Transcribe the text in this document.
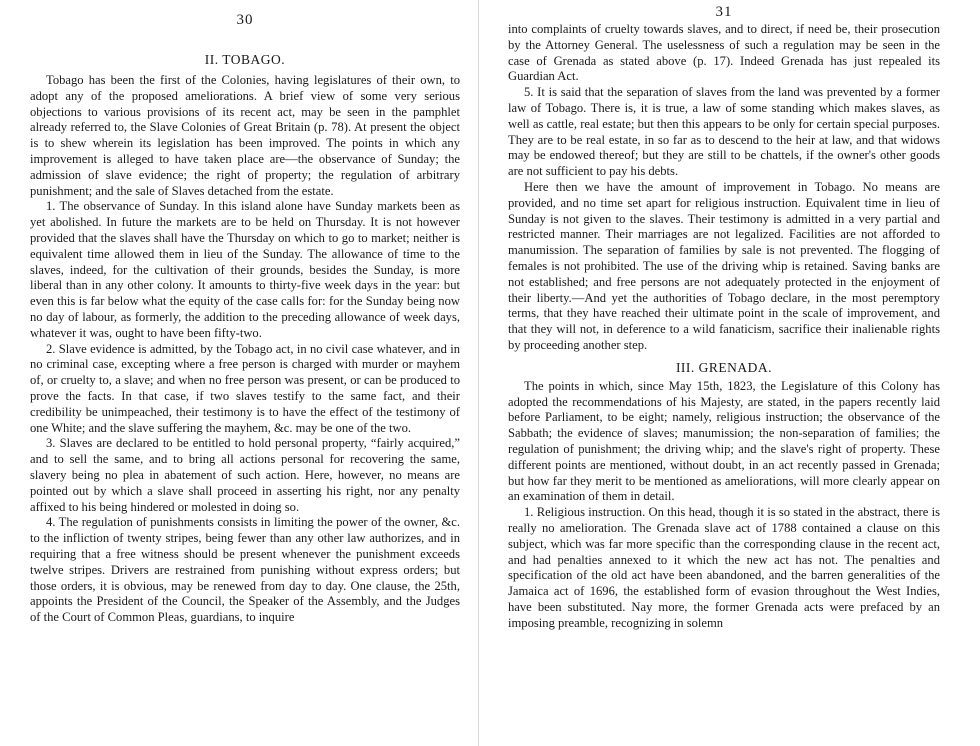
30
II. TOBAGO.

Tobago has been the first of the Colonies, having legislatures of their own, to adopt any of the proposed ameliorations. A brief view of some very serious objections to various provisions of its recent act, may be seen in the pamphlet already referred to, the Slave Colonies of Great Britain (p. 78). At present the object is to shew wherein its legislation has been improved. The points in which any improvement is alleged to have taken place are—the observance of Sunday; the admission of slave evidence; the right of property; the regulation of arbitrary punishment; and the sale of Slaves detached from the estate.

1. The observance of Sunday. In this island alone have Sunday markets been as yet abolished. In future the markets are to be held on Thursday. It is not however provided that the slaves shall have the Thursday on which to go to market; neither is equivalent time allowed them in lieu of the Sunday. The allowance of time to the slaves, indeed, for the cultivation of their grounds, besides the Sunday, is more liberal than in any other colony. It amounts to thirty-five week days in the year: but even this is far below what the equity of the case calls for: for the Sunday being now no day of labour, as formerly, the addition to the preceding allowance of week days, whatever it was, ought to have been fifty-two.

2. Slave evidence is admitted, by the Tobago act, in no civil case whatever, and in no criminal case, excepting where a free person is charged with murder or mayhem of, or cruelty to, a slave; and when no free person was present, or can be produced to prove the facts. In that case, if two slaves testify to the same fact, and their credibility be unimpeached, their testimony is to have the effect of the testimony of one White; and the slave suffering the mayhem, &c. may be one of the two.

3. Slaves are declared to be entitled to hold personal property, “fairly acquired,” and to sell the same, and to bring all actions personal for recovering the same, slavery being no plea in abatement of such action. Here, however, no means are pointed out by which a slave shall proceed in asserting his right, nor any penalty affixed to his being hindered or molested in doing so.

4. The regulation of punishments consists in limiting the power of the owner, &c. to the infliction of twenty stripes, being fewer than any other law authorizes, and in requiring that a free witness should be present whenever the punishment exceeds twelve stripes. Drivers are restrained from punishing without express orders; but those orders, it is obvious, may be renewed from day to day. One clause, the 25th, appoints the President of the Council, the Speaker of the Assembly, and the Judges of the Court of Common Pleas, guardians, to inquire

31

into complaints of cruelty towards slaves, and to direct, if need be, their prosecution by the Attorney General. The uselessness of such a regulation may be seen in the case of Grenada as stated above (p. 17). Indeed Grenada has just repealed its Guardian Act.

5. It is said that the separation of slaves from the land was prevented by a former law of Tobago. There is, it is true, a law of some standing which makes slaves, as well as cattle, real estate; but then this appears to be only for certain special purposes. They are to be real estate, in so far as to descend to the heir at law, and that widows may be endowed thereof; but they are still to be chattels, if the owner's other goods are not sufficient to pay his debts.

Here then we have the amount of improvement in Tobago. No means are provided, and no time set apart for religious instruction. Equivalent time in lieu of Sunday is not given to the slaves. Their testimony is admitted in a very partial and restricted manner. Their marriages are not legalized. Facilities are not afforded to manumission. The separation of families by sale is not prevented. The flogging of females is not prohibited. The use of the driving whip is retained. Saving banks are not established; and free persons are not adequately protected in the enjoyment of their liberty.—And yet the authorities of Tobago declare, in the most peremptory terms, that they have reached their ultimate point in the scale of improvement, and that they will not, in deference to a wild fanaticism, sacrifice their inalienable rights by proceeding another step.

III. GRENADA.

The points in which, since May 15th, 1823, the Legislature of this Colony has adopted the recommendations of his Majesty, are stated, in the papers recently laid before Parliament, to be eight; namely, religious instruction; the observance of the Sabbath; the evidence of slaves; manumission; the non-separation of families; the regulation of punishment; the driving whip; and the slave's right of property. These different points are mentioned, without doubt, in an act recently passed in Grenada; but how far they merit to be mentioned as ameliorations, will more clearly appear on an examination of them in detail.

1. Religious instruction. On this head, though it is so stated in the abstract, there is really no amelioration. The Grenada slave act of 1788 contained a clause on this subject, which was far more specific than the corresponding clause in the recent act, and had penalties annexed to it which the new act has not. The penalties and specification of the old act have been abandoned, and the barren generalities of the Jamaica act of 1696, the established form of evasion throughout the West Indies, have been substituted. Nay more, the former Grenada acts were prefaced by an imposing preamble, recognizing in solemn
